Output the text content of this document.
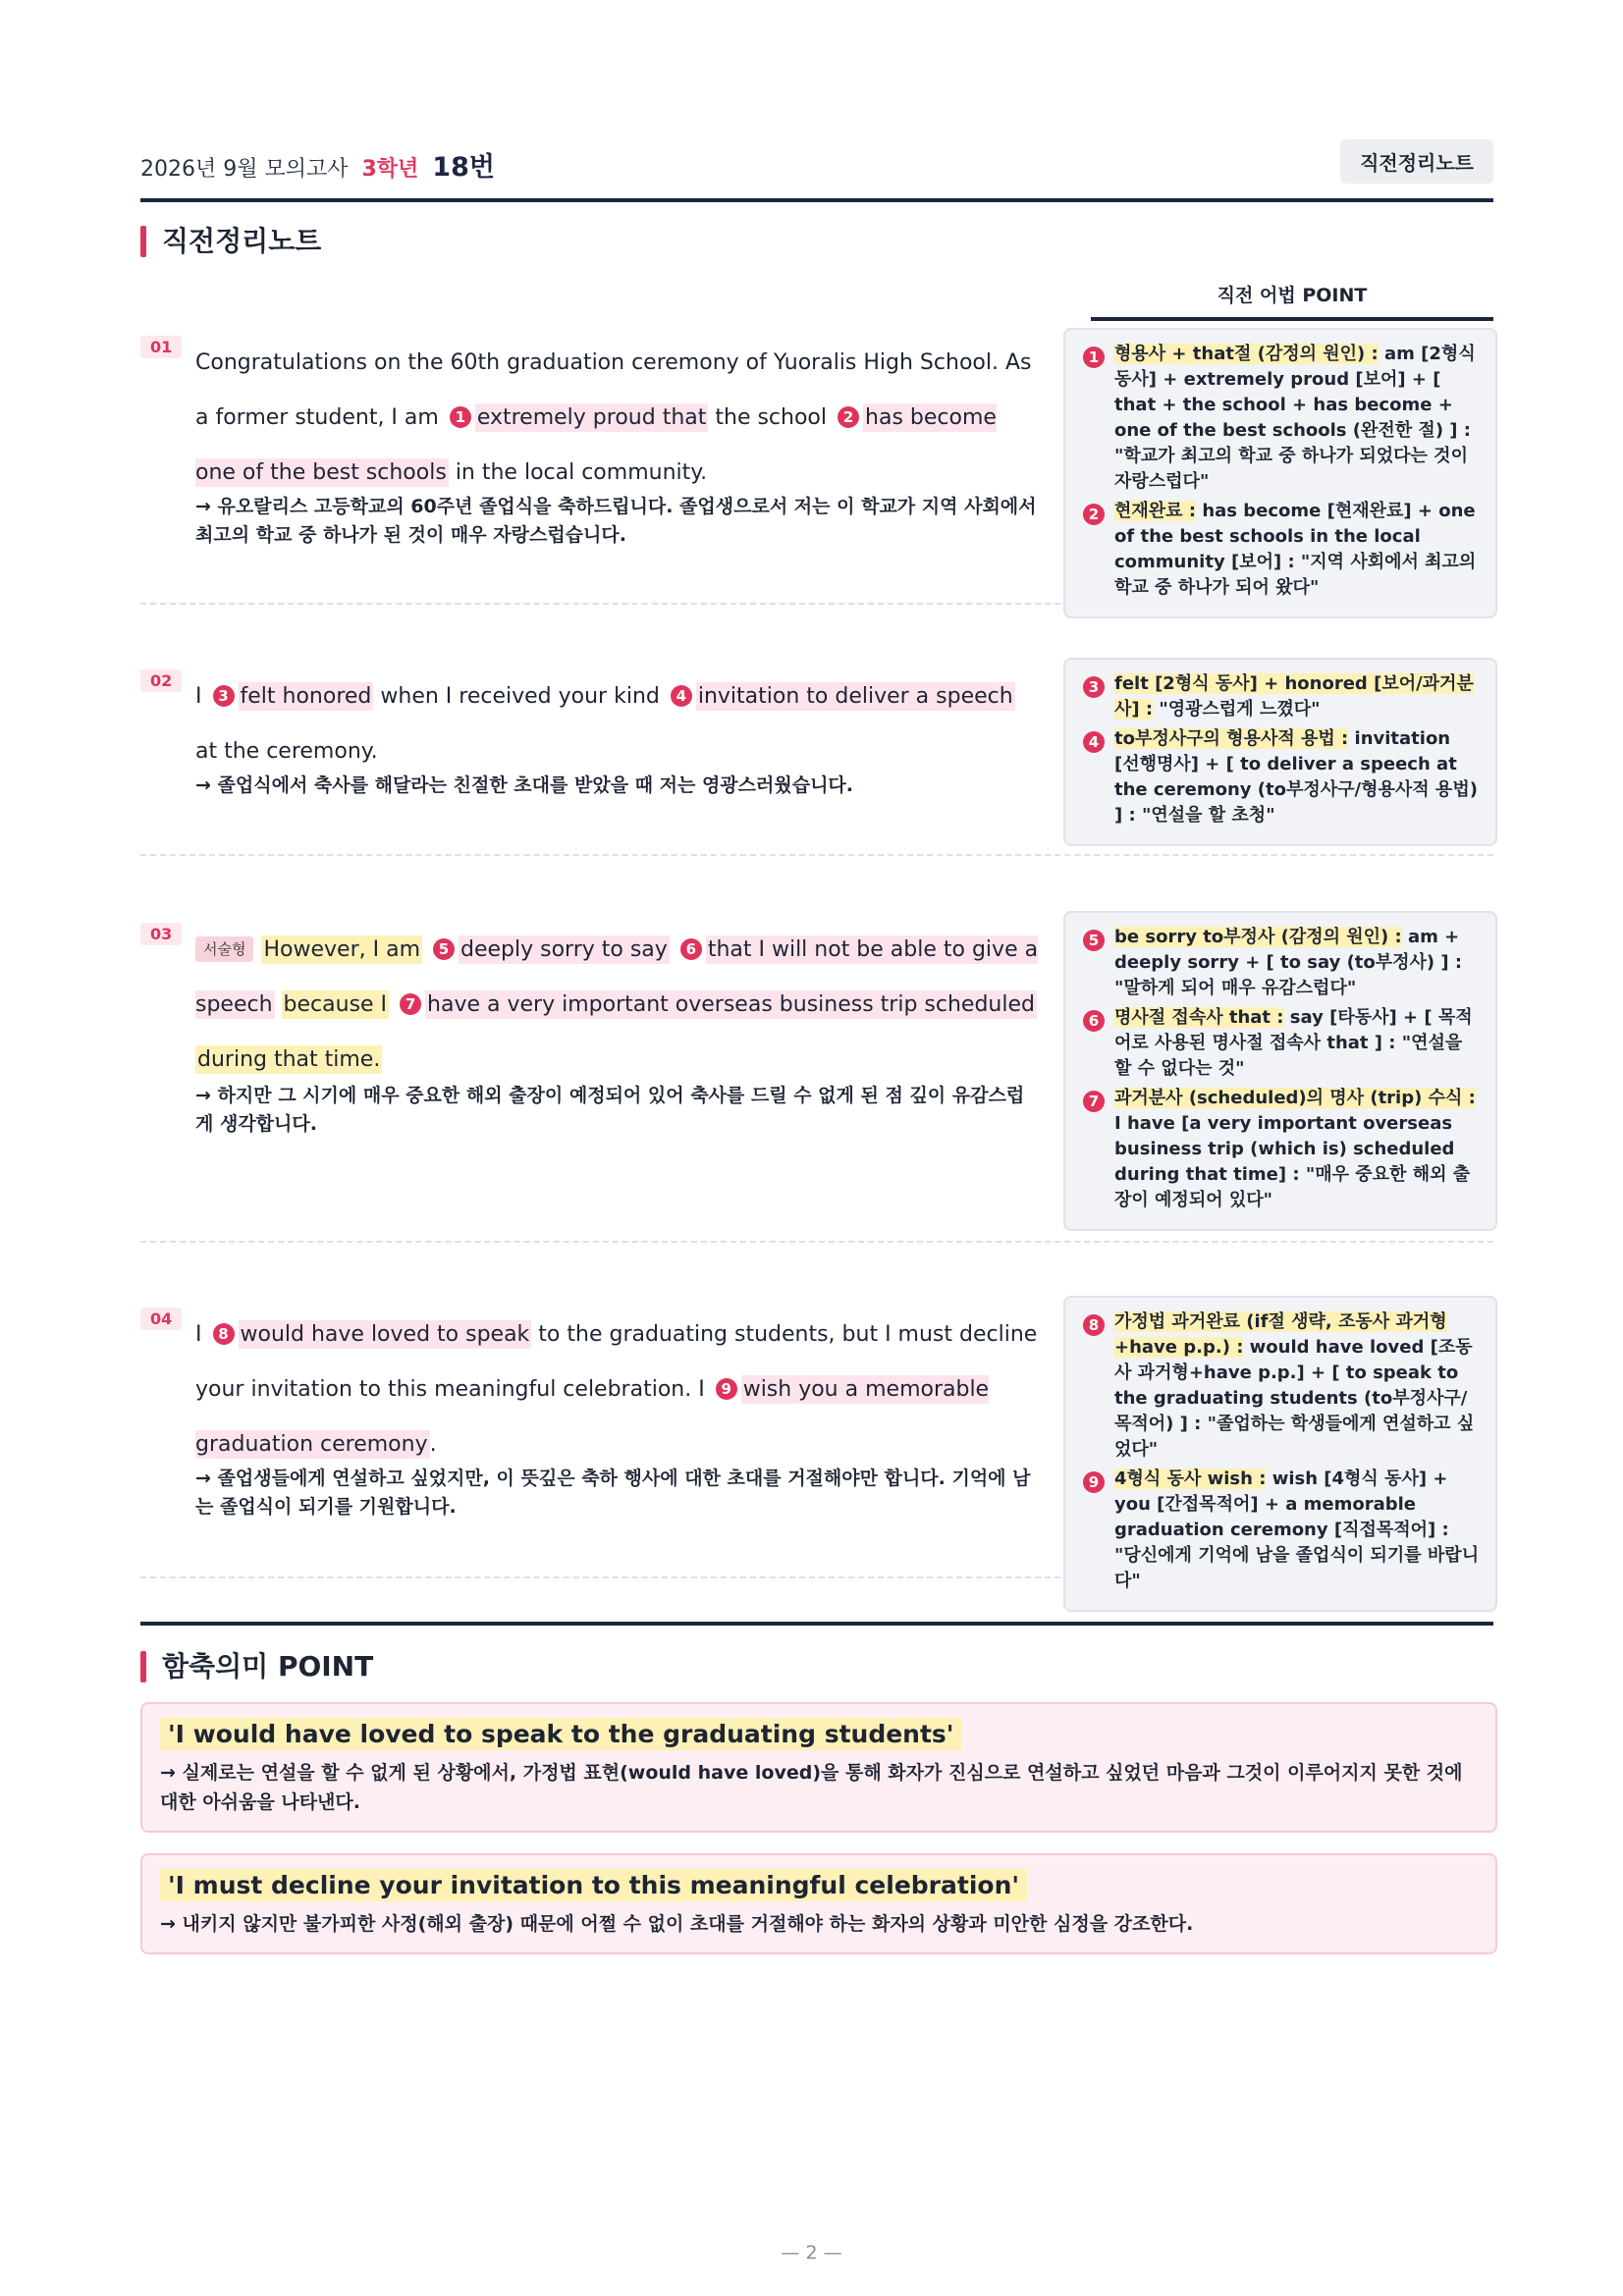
2026년 9월 모의고사 3학년 18번	직전정리노트
직전정리노트
직전 어법 POINT
01
Congratulations on the 60th graduation ceremony of Yuoralis High School. As a former student, I am 1 extremely proud that the school 2 has become one of the best schools in the local community.
→ 유오랄리스 고등학교의 60주년 졸업식을 축하드립니다. 졸업생으로서 저는 이 학교가 지역 사회에서 최고의 학교 중 하나가 된 것이 매우 자랑스럽습니다.
02
I 3 felt honored when I received your kind 4 invitation to deliver a speech at the ceremony.
→ 졸업식에서 축사를 해달라는 친절한 초대를 받았을 때 저는 영광스러웠습니다.
03
서술형 However, I am 5 deeply sorry to say 6 that I will not be able to give a speech because I 7 have a very important overseas business trip scheduled during that time.
→ 하지만 그 시기에 매우 중요한 해외 출장이 예정되어 있어 축사를 드릴 수 없게 된 점 깊이 유감스럽게 생각합니다.
04
I 8 would have loved to speak to the graduating students, but I must decline your invitation to this meaningful celebration. I 9 wish you a memorable graduation ceremony.
→ 졸업생들에게 연설하고 싶었지만, 이 뜻깊은 축하 행사에 대한 초대를 거절해야만 합니다. 기억에 남는 졸업식이 되기를 기원합니다.
1 형용사 + that절 (감정의 원인) : am [2형식 동사] + extremely proud [보어] + [ that + the school + has become + one of the best schools (완전한 절) ] : "학교가 최고의 학교 중 하나가 되었다는 것이 자랑스럽다"
2 현재완료 : has become [현재완료] + one of the best schools in the local community [보어] : "지역 사회에서 최고의 학교 중 하나가 되어 왔다"
3 felt [2형식 동사] + honored [보어/과거분사] : "영광스럽게 느꼈다"
4 to부정사구의 형용사적 용법 : invitation [선행명사] + [ to deliver a speech at the ceremony (to부정사구/형용사적 용법) ] : "연설을 할 초청"
5 be sorry to부정사 (감정의 원인) : am + deeply sorry + [ to say (to부정사) ] : "말하게 되어 매우 유감스럽다"
6 명사절 접속사 that : say [타동사] + [ 목적어로 사용된 명사절 접속사 that ] : "연설을 할 수 없다는 것"
7 과거분사 (scheduled)의 명사 (trip) 수식 : I have [a very important overseas business trip (which is) scheduled during that time] : "매우 중요한 해외 출장이 예정되어 있다"
8 가정법 과거완료 (if절 생략, 조동사 과거형+have p.p.) : would have loved [조동사 과거형+have p.p.] + [ to speak to the graduating students (to부정사구/목적어) ] : "졸업하는 학생들에게 연설하고 싶었다"
9 4형식 동사 wish : wish [4형식 동사] + you [간접목적어] + a memorable graduation ceremony [직접목적어] : "당신에게 기억에 남을 졸업식이 되기를 바랍니다"
함축의미 POINT
'I would have loved to speak to the graduating students'
→ 실제로는 연설을 할 수 없게 된 상황에서, 가정법 표현(would have loved)을 통해 화자가 진심으로 연설하고 싶었던 마음과 그것이 이루어지지 못한 것에 대한 아쉬움을 나타낸다.
'I must decline your invitation to this meaningful celebration'
→ 내키지 않지만 불가피한 사정(해외 출장) 때문에 어쩔 수 없이 초대를 거절해야 하는 화자의 상황과 미안한 심정을 강조한다.
— 2 —
